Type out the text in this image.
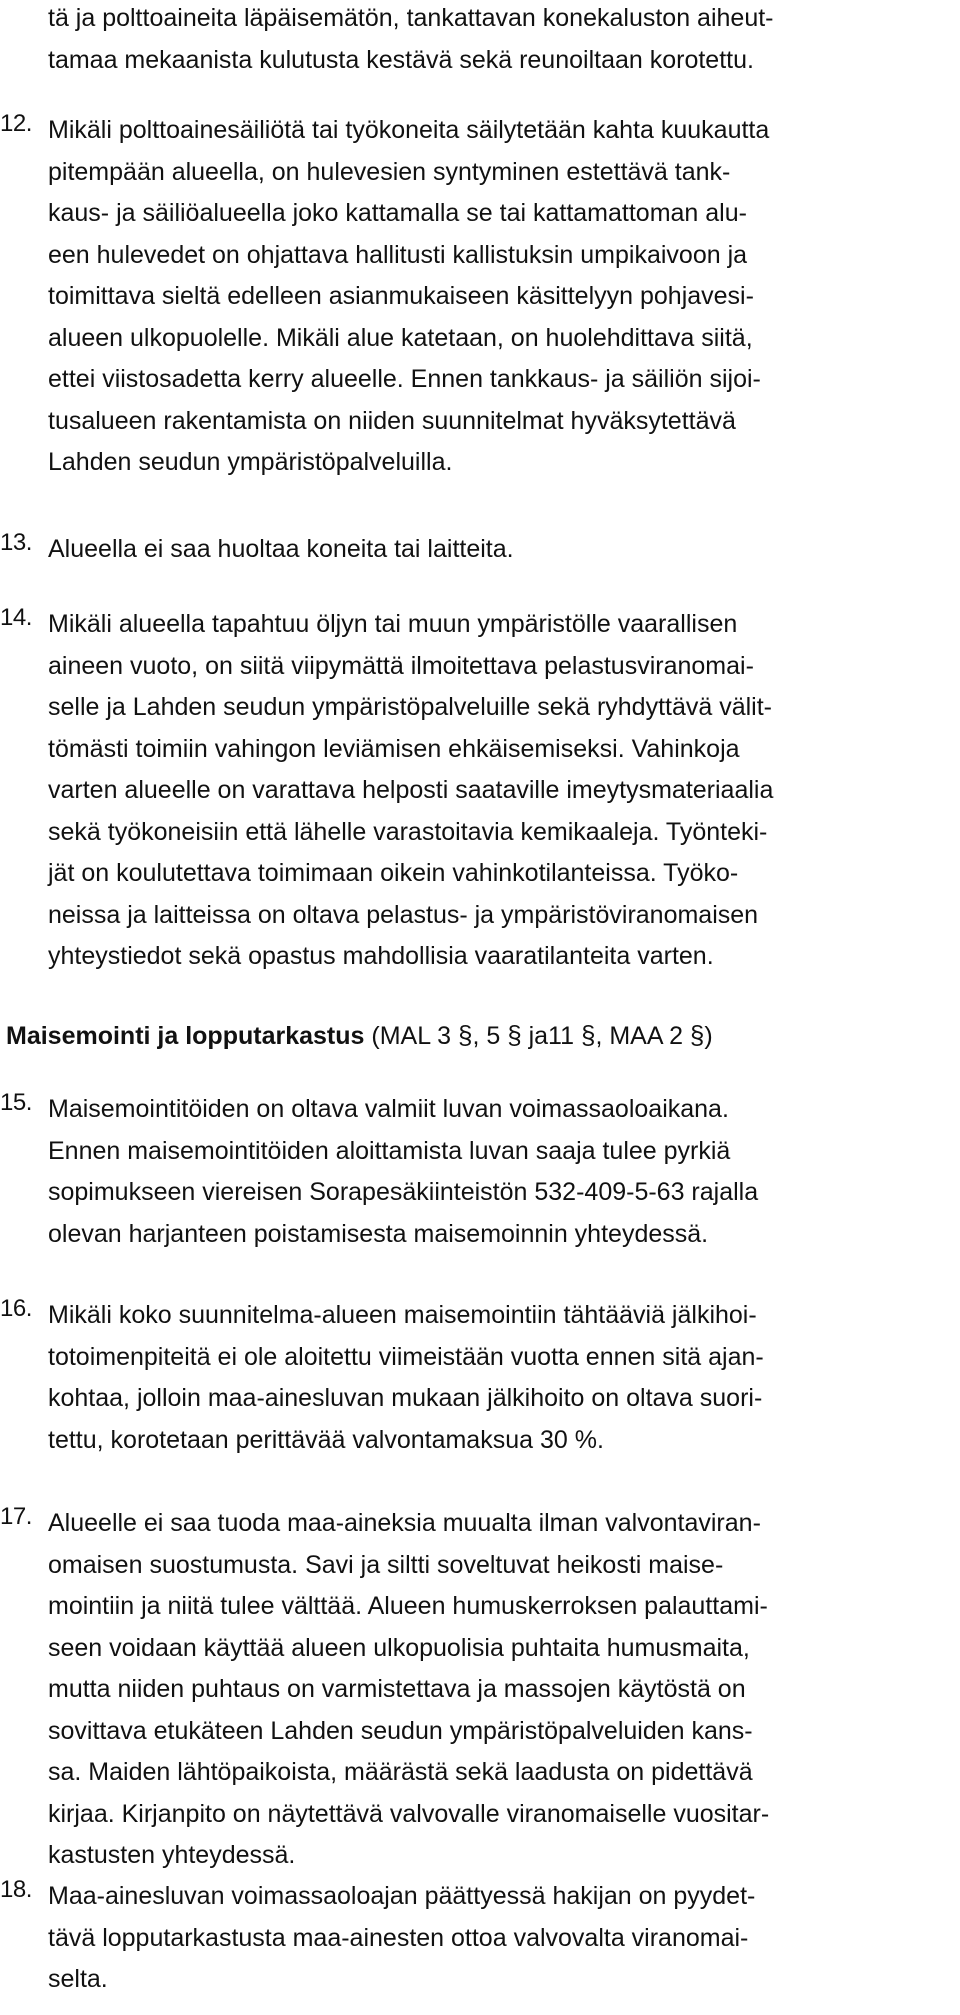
tä ja polttoaineita läpäisemätön, tankattavan konekaluston aiheut-
tamaa mekaanista kulutusta kestävä sekä reunoiltaan korotettu.
12. Mikäli polttoainesäiliötä tai työkoneita säilytetään kahta kuukautta
pitempään alueella, on hulevesien syntyminen estettävä tank-
kaus- ja säiliöalueella joko kattamalla se tai kattamattoman alu-
een hulevedet on ohjattava hallitusti kallistuksin umpikaivoon ja
toimittava sieltä edelleen asianmukaiseen käsittelyyn pohjavesi-
alueen ulkopuolelle. Mikäli alue katetaan, on huolehdittava siitä,
ettei viistosadetta kerry alueelle. Ennen tankkaus- ja säiliön sijoi-
tusalueen rakentamista on niiden suunnitelmat hyväksytettävä
Lahden seudun ympäristöpalveluilla.
13. Alueella ei saa huoltaa koneita tai laitteita.
14. Mikäli alueella tapahtuu öljyn tai muun ympäristölle vaarallisen
aineen vuoto, on siitä viipymättä ilmoitettava pelastusviranomai-
selle ja Lahden seudun ympäristöpalveluille sekä ryhdyttävä välit-
tömästi toimiin vahingon leviämisen ehkäisemiseksi. Vahinkoja
varten alueelle on varattava helposti saataville imeytysmateriaalia
sekä työkoneisiin että lähelle varastoitavia kemikaaleja. Työnteki-
jät on koulutettava toimimaan oikein vahinkotilanteissa. Työko-
neissa ja laitteissa on oltava pelastus- ja ympäristöviranomaisen
yhteystiedot sekä opastus mahdollisia vaaratilanteita varten.
Maisemointi ja lopputarkastus (MAL 3 §, 5 § ja11 §, MAA 2 §)
15. Maisemointitöiden on oltava valmiit luvan voimassaoloaikana.
Ennen maisemointitöiden aloittamista luvan saaja tulee pyrkiä
sopimukseen viereisen Sorapesäkiinteistön 532-409-5-63 rajalla
olevan harjanteen poistamisesta maisemoinnin yhteydessä.
16. Mikäli koko suunnitelma-alueen maisemointiin tähtääviä jälkihoi-
totoimenpiteitä ei ole aloitettu viimeistään vuotta ennen sitä ajan-
kohtaa, jolloin maa-ainesluvan mukaan jälkihoito on oltava suori-
tettu, korotetaan perittävää valvontamaksua 30 %.
17. Alueelle ei saa tuoda maa-aineksia muualta ilman valvontaviran-
omaisen suostumusta. Savi ja siltti soveltuvat heikosti maise-
mointiin ja niitä tulee välttää. Alueen humuskerroksen palauttami-
seen voidaan käyttää alueen ulkopuolisia puhtaita humusmaita,
mutta niiden puhtaus on varmistettava ja massojen käytöstä on
sovittava etukäteen Lahden seudun ympäristöpalveluiden kans-
sa. Maiden lähtöpaikoista, määrästä sekä laadusta on pidettävä
kirjaa. Kirjanpito on näytettävä valvovalle viranomaiselle vuositar-
kastusten yhteydessä.
18. Maa-ainesluvan voimassaoloajan päättyessä hakijan on pyydet-
tävä lopputarkastusta maa-ainesten ottoa valvovalta viranomai-
selta.
